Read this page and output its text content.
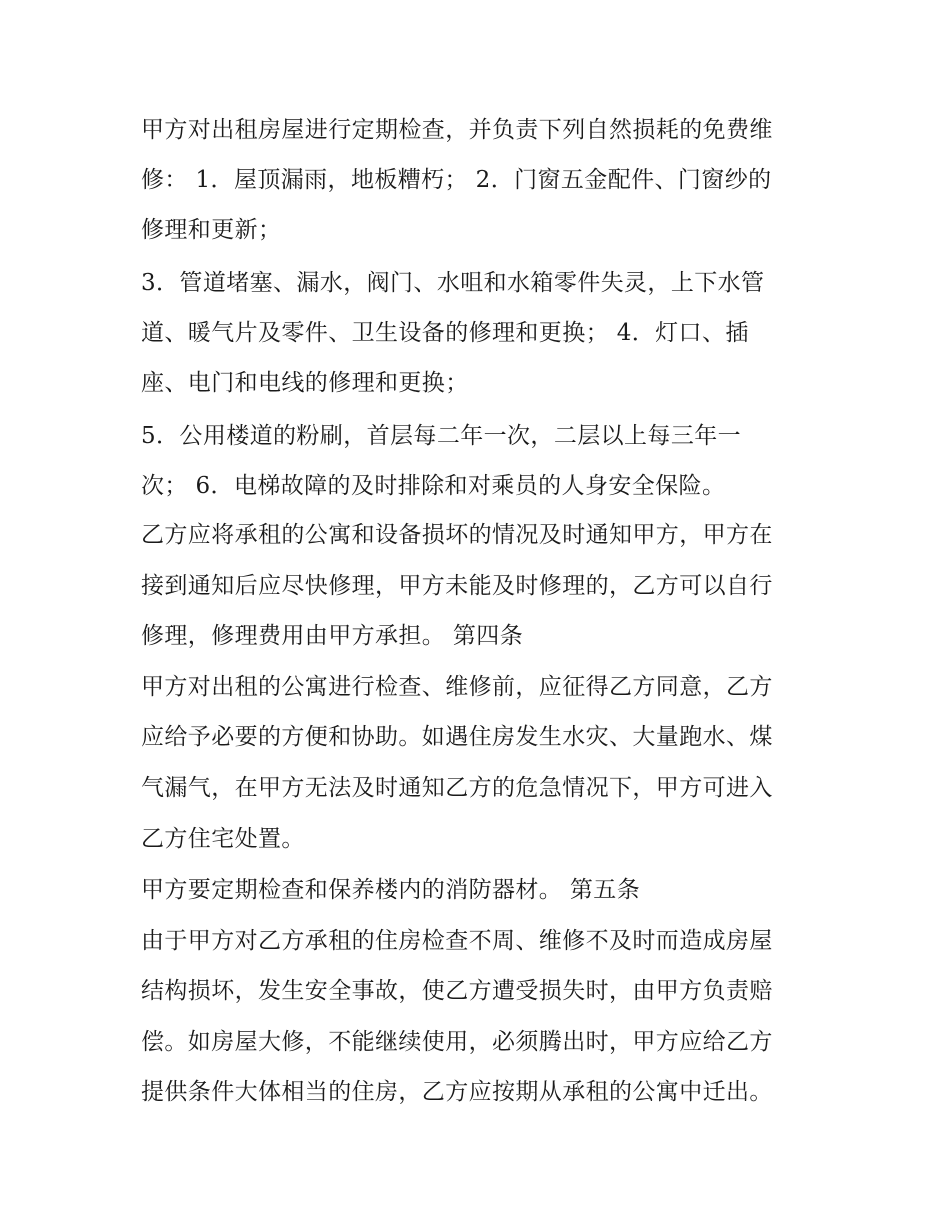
甲方对出租房屋进行定期检查，并负责下列自然损耗的免费维

修： 1．屋顶漏雨，地板糟朽； 2．门窗五金配件、门窗纱的

修理和更新；

3．管道堵塞、漏水，阀门、水咀和水箱零件失灵，上下水管

道、暖气片及零件、卫生设备的修理和更换； 4．灯口、插

座、电门和电线的修理和更换；

5．公用楼道的粉刷，首层每二年一次，二层以上每三年一

次； 6．电梯故障的及时排除和对乘员的人身安全保险。

乙方应将承租的公寓和设备损坏的情况及时通知甲方，甲方在

接到通知后应尽快修理，甲方未能及时修理的，乙方可以自行

修理，修理费用由甲方承担。 第四条

甲方对出租的公寓进行检查、维修前，应征得乙方同意，乙方

应给予必要的方便和协助。如遇住房发生水灾、大量跑水、煤

气漏气，在甲方无法及时通知乙方的危急情况下，甲方可进入

乙方住宅处置。

甲方要定期检查和保养楼内的消防器材。 第五条

由于甲方对乙方承租的住房检查不周、维修不及时而造成房屋

结构损坏，发生安全事故，使乙方遭受损失时，由甲方负责赔

偿。如房屋大修，不能继续使用，必须腾出时，甲方应给乙方

提供条件大体相当的住房，乙方应按期从承租的公寓中迁出。
